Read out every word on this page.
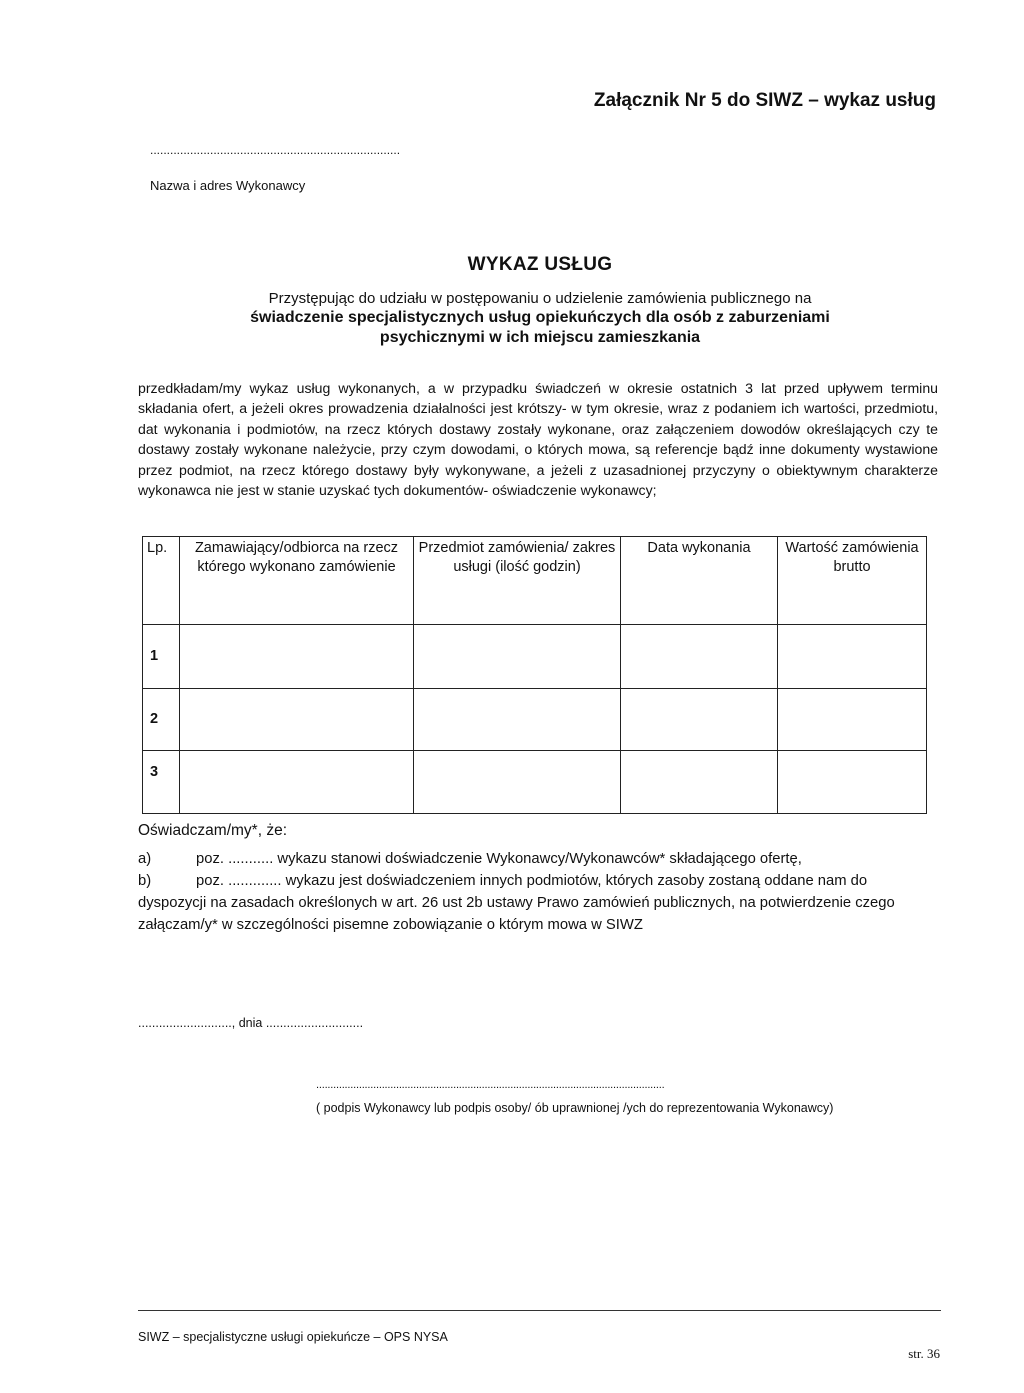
Załącznik Nr 5 do SIWZ – wykaz usług
...........................................................................
Nazwa i adres Wykonawcy
WYKAZ USŁUG
Przystępując do udziału w postępowaniu o udzielenie zamówienia publicznego na
świadczenie specjalistycznych usług opiekuńczych dla osób z zaburzeniami
psychicznymi w ich miejscu zamieszkania
przedkładam/my wykaz usług wykonanych, a w przypadku świadczeń w okresie ostatnich 3 lat przed upływem terminu składania ofert, a jeżeli okres prowadzenia działalności jest krótszy- w tym okresie, wraz z podaniem ich wartości, przedmiotu, dat wykonania i podmiotów, na rzecz których dostawy zostały wykonane, oraz załączeniem dowodów określających czy te dostawy zostały wykonane należycie, przy czym dowodami, o których mowa, są referencje bądź inne dokumenty wystawione przez podmiot, na rzecz którego dostawy były wykonywane, a jeżeli z uzasadnionej przyczyny o obiektywnym charakterze wykonawca nie jest w stanie uzyskać tych dokumentów- oświadczenie wykonawcy;
Lp.	Zamawiający/odbiorca na rzecz którego wykonano zamówienie	Przedmiot zamówienia/ zakres usługi (ilość godzin)	Data wykonania	Wartość zamówienia brutto
1				
2				
3				
Oświadczam/my*, że:
a)	poz. ........... wykazu stanowi doświadczenie Wykonawcy/Wykonawców* składającego ofertę,
b)	poz. ............. wykazu jest doświadczeniem innych podmiotów, których zasoby zostaną oddane nam do dyspozycji na zasadach określonych w art. 26 ust 2b ustawy Prawo zamówień publicznych, na potwierdzenie czego załączam/y* w szczególności pisemne zobowiązanie o którym mowa w SIWZ
..........................., dnia ............................
..........................................................................................................................
( podpis Wykonawcy lub podpis osoby/ ób uprawnionej /ych do reprezentowania Wykonawcy)
SIWZ – specjalistyczne usługi opiekuńcze – OPS NYSA
str. 36
